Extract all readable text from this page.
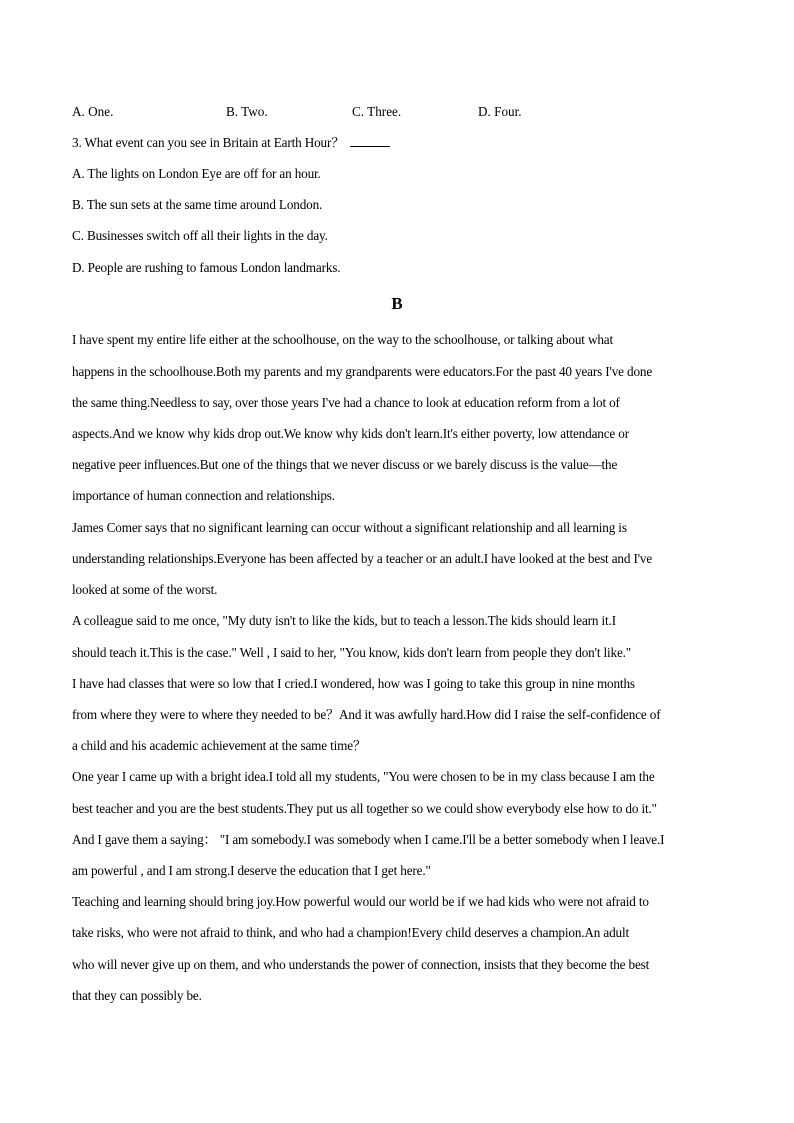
A. One.	B. Two.	C. Three.	D. Four.
3. What event can you see in Britain at Earth Hour？
A. The lights on London Eye are off for an hour.
B. The sun sets at the same time around London.
C. Businesses switch off all their lights in the day.
D. People are rushing to famous London landmarks.
B
I have spent my entire life either at the schoolhouse, on the way to the schoolhouse, or talking about what
happens in the schoolhouse.Both my parents and my grandparents were educators.For the past 40 years I've done
the same thing.Needless to say, over those years I've had a chance to look at education reform from a lot of
aspects.And we know why kids drop out.We know why kids don't learn.It's either poverty, low attendance or
negative peer influences.But one of the things that we never discuss or we barely discuss is the value—the
importance of human connection and relationships.
James Comer says that no significant learning can occur without a significant relationship and all learning is
understanding relationships.Everyone has been affected by a teacher or an adult.I have looked at the best and I've
looked at some of the worst.
A colleague said to me once, "My duty isn't to like the kids, but to teach a lesson.The kids should learn it.I
should teach it.This is the case." Well , I said to her, "You know, kids don't learn from people they don't like."
I have had classes that were so low that I cried.I wondered, how was I going to take this group in nine months
from where they were to where they needed to be？And it was awfully hard.How did I raise the self-confidence of
a child and his academic achievement at the same time？
One year I came up with a bright idea.I told all my students, "You were chosen to be in my class because I am the
best teacher and you are the best students.They put us all together so we could show everybody else how to do it."
And I gave them a saying： "I am somebody.I was somebody when I came.I'll be a better somebody when I leave.I
am powerful , and I am strong.I deserve the education that I get here."
Teaching and learning should bring joy.How powerful would our world be if we had kids who were not afraid to
take risks, who were not afraid to think, and who had a champion!Every child deserves a champion.An adult
who will never give up on them, and who understands the power of connection, insists that they become the best
that they can possibly be.
